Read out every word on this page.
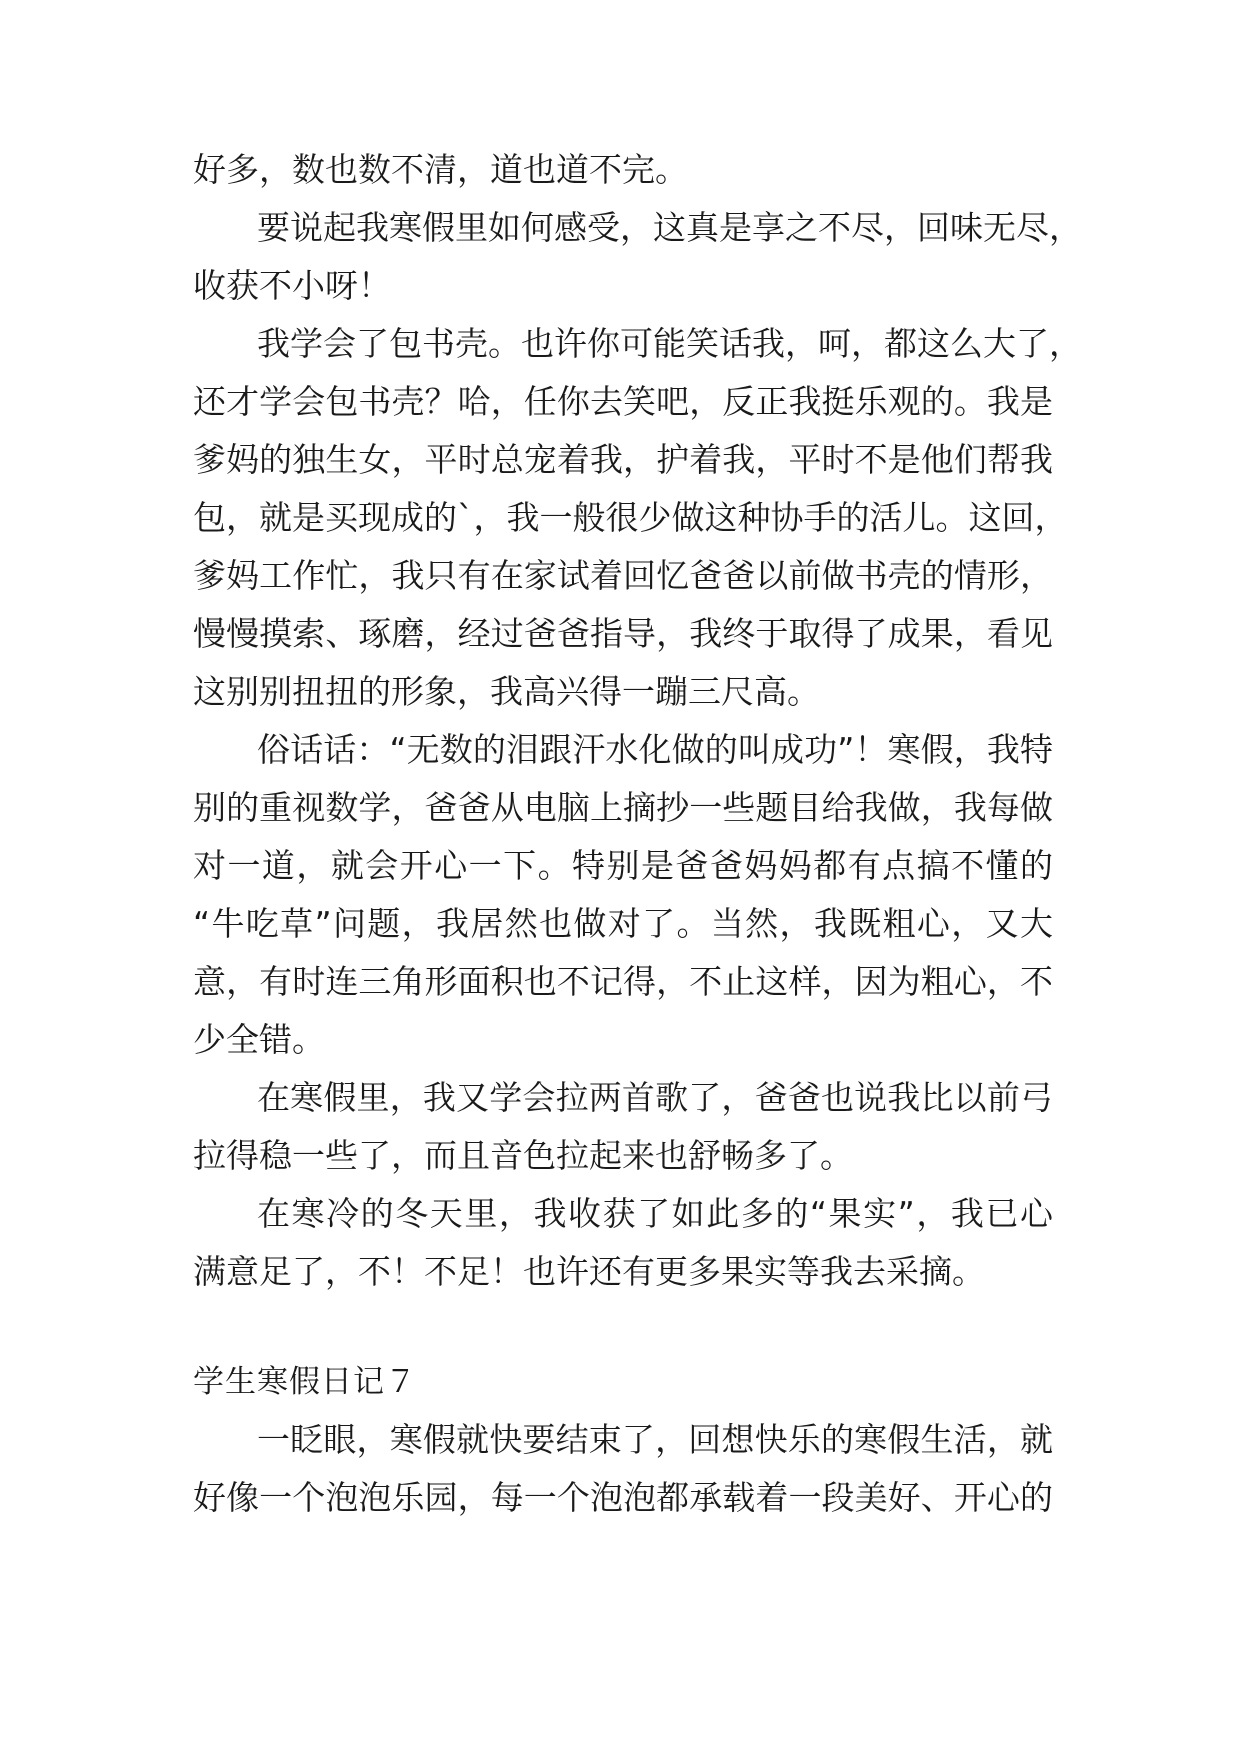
好多，数也数不清，道也道不完。

要说起我寒假里如何感受，这真是享之不尽，回味无尽，

收获不小呀！

我学会了包书壳。也许你可能笑话我，呵，都这么大了，

还才学会包书壳？哈，任你去笑吧，反正我挺乐观的。我是

爹妈的独生女，平时总宠着我，护着我，平时不是他们帮我

包，就是买现成的`，我一般很少做这种协手的活儿。这回，

爹妈工作忙，我只有在家试着回忆爸爸以前做书壳的情形，

慢慢摸索、琢磨，经过爸爸指导，我终于取得了成果，看见

这别别扭扭的形象，我高兴得一蹦三尺高。

俗话话：“无数的泪跟汗水化做的叫成功”！寒假，我特

别的重视数学，爸爸从电脑上摘抄一些题目给我做，我每做

对一道，就会开心一下。特别是爸爸妈妈都有点搞不懂的

“牛吃草”问题，我居然也做对了。当然，我既粗心，又大

意，有时连三角形面积也不记得，不止这样，因为粗心，不

少全错。

在寒假里，我又学会拉两首歌了，爸爸也说我比以前弓

拉得稳一些了，而且音色拉起来也舒畅多了。

在寒冷的冬天里，我收获了如此多的“果实”，我已心

满意足了，不！不足！也许还有更多果实等我去采摘。

学生寒假日记７

一眨眼，寒假就快要结束了，回想快乐的寒假生活，就

好像一个泡泡乐园，每一个泡泡都承载着一段美好、开心的
